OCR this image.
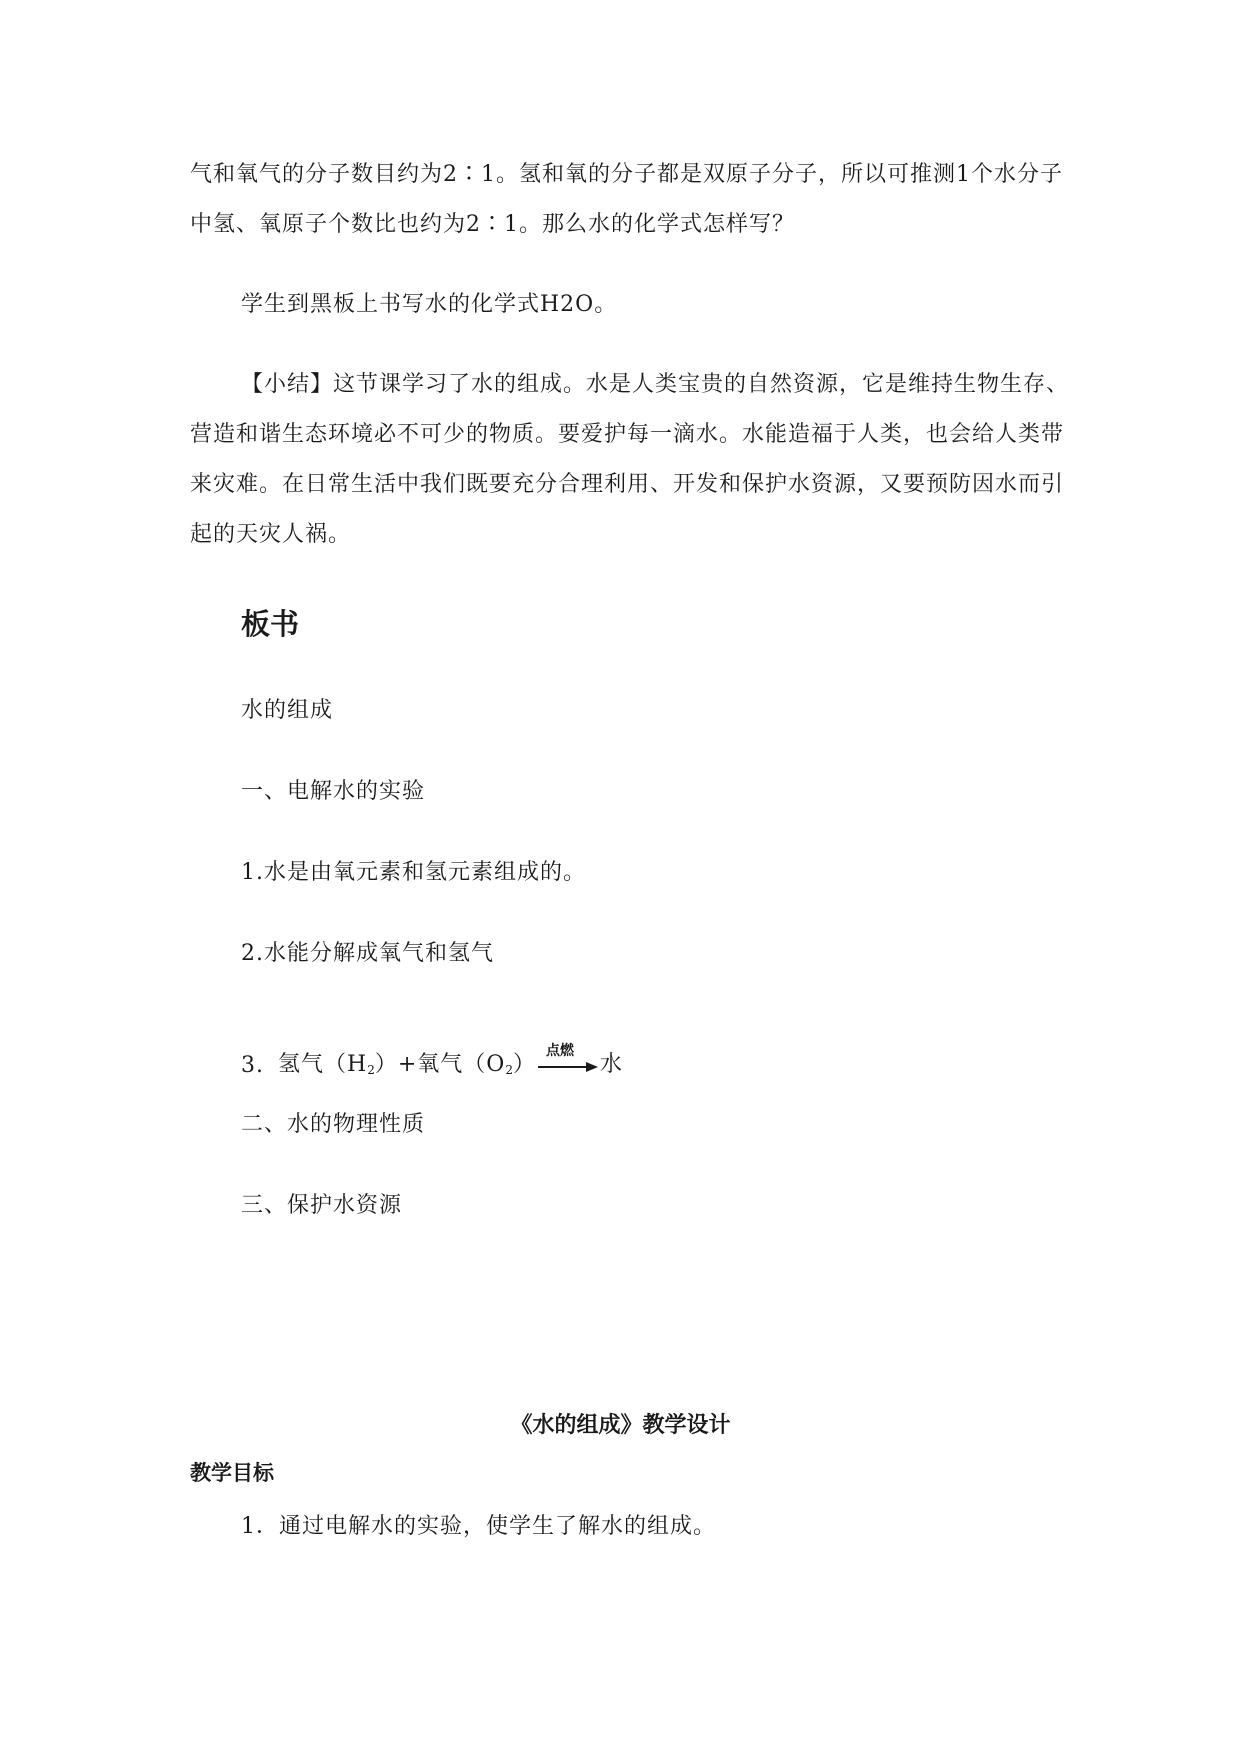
气和氧气的分子数目约为2∶1。氢和氧的分子都是双原子分子，所以可推测1个水分子
中氢、氧原子个数比也约为2∶1。那么水的化学式怎样写？
学生到黑板上书写水的化学式H2O。
【小结】这节课学习了水的组成。水是人类宝贵的自然资源，它是维持生物生存、
营造和谐生态环境必不可少的物质。要爱护每一滴水。水能造福于人类，也会给人类带
来灾难。在日常生活中我们既要充分合理利用、开发和保护水资源，又要预防因水而引
起的天灾人祸。
板书
水的组成
一、电解水的实验
1.水是由氧元素和氢元素组成的。
2.水能分解成氧气和氢气
3. 氢气（$H_2$ ）+氧气$(O_2)$
点燃
水
二、水的物理性质
三、保护水资源
《水的组成》教学设计
教学目标
1．通过电解水的实验，使学生了解水的组成。
